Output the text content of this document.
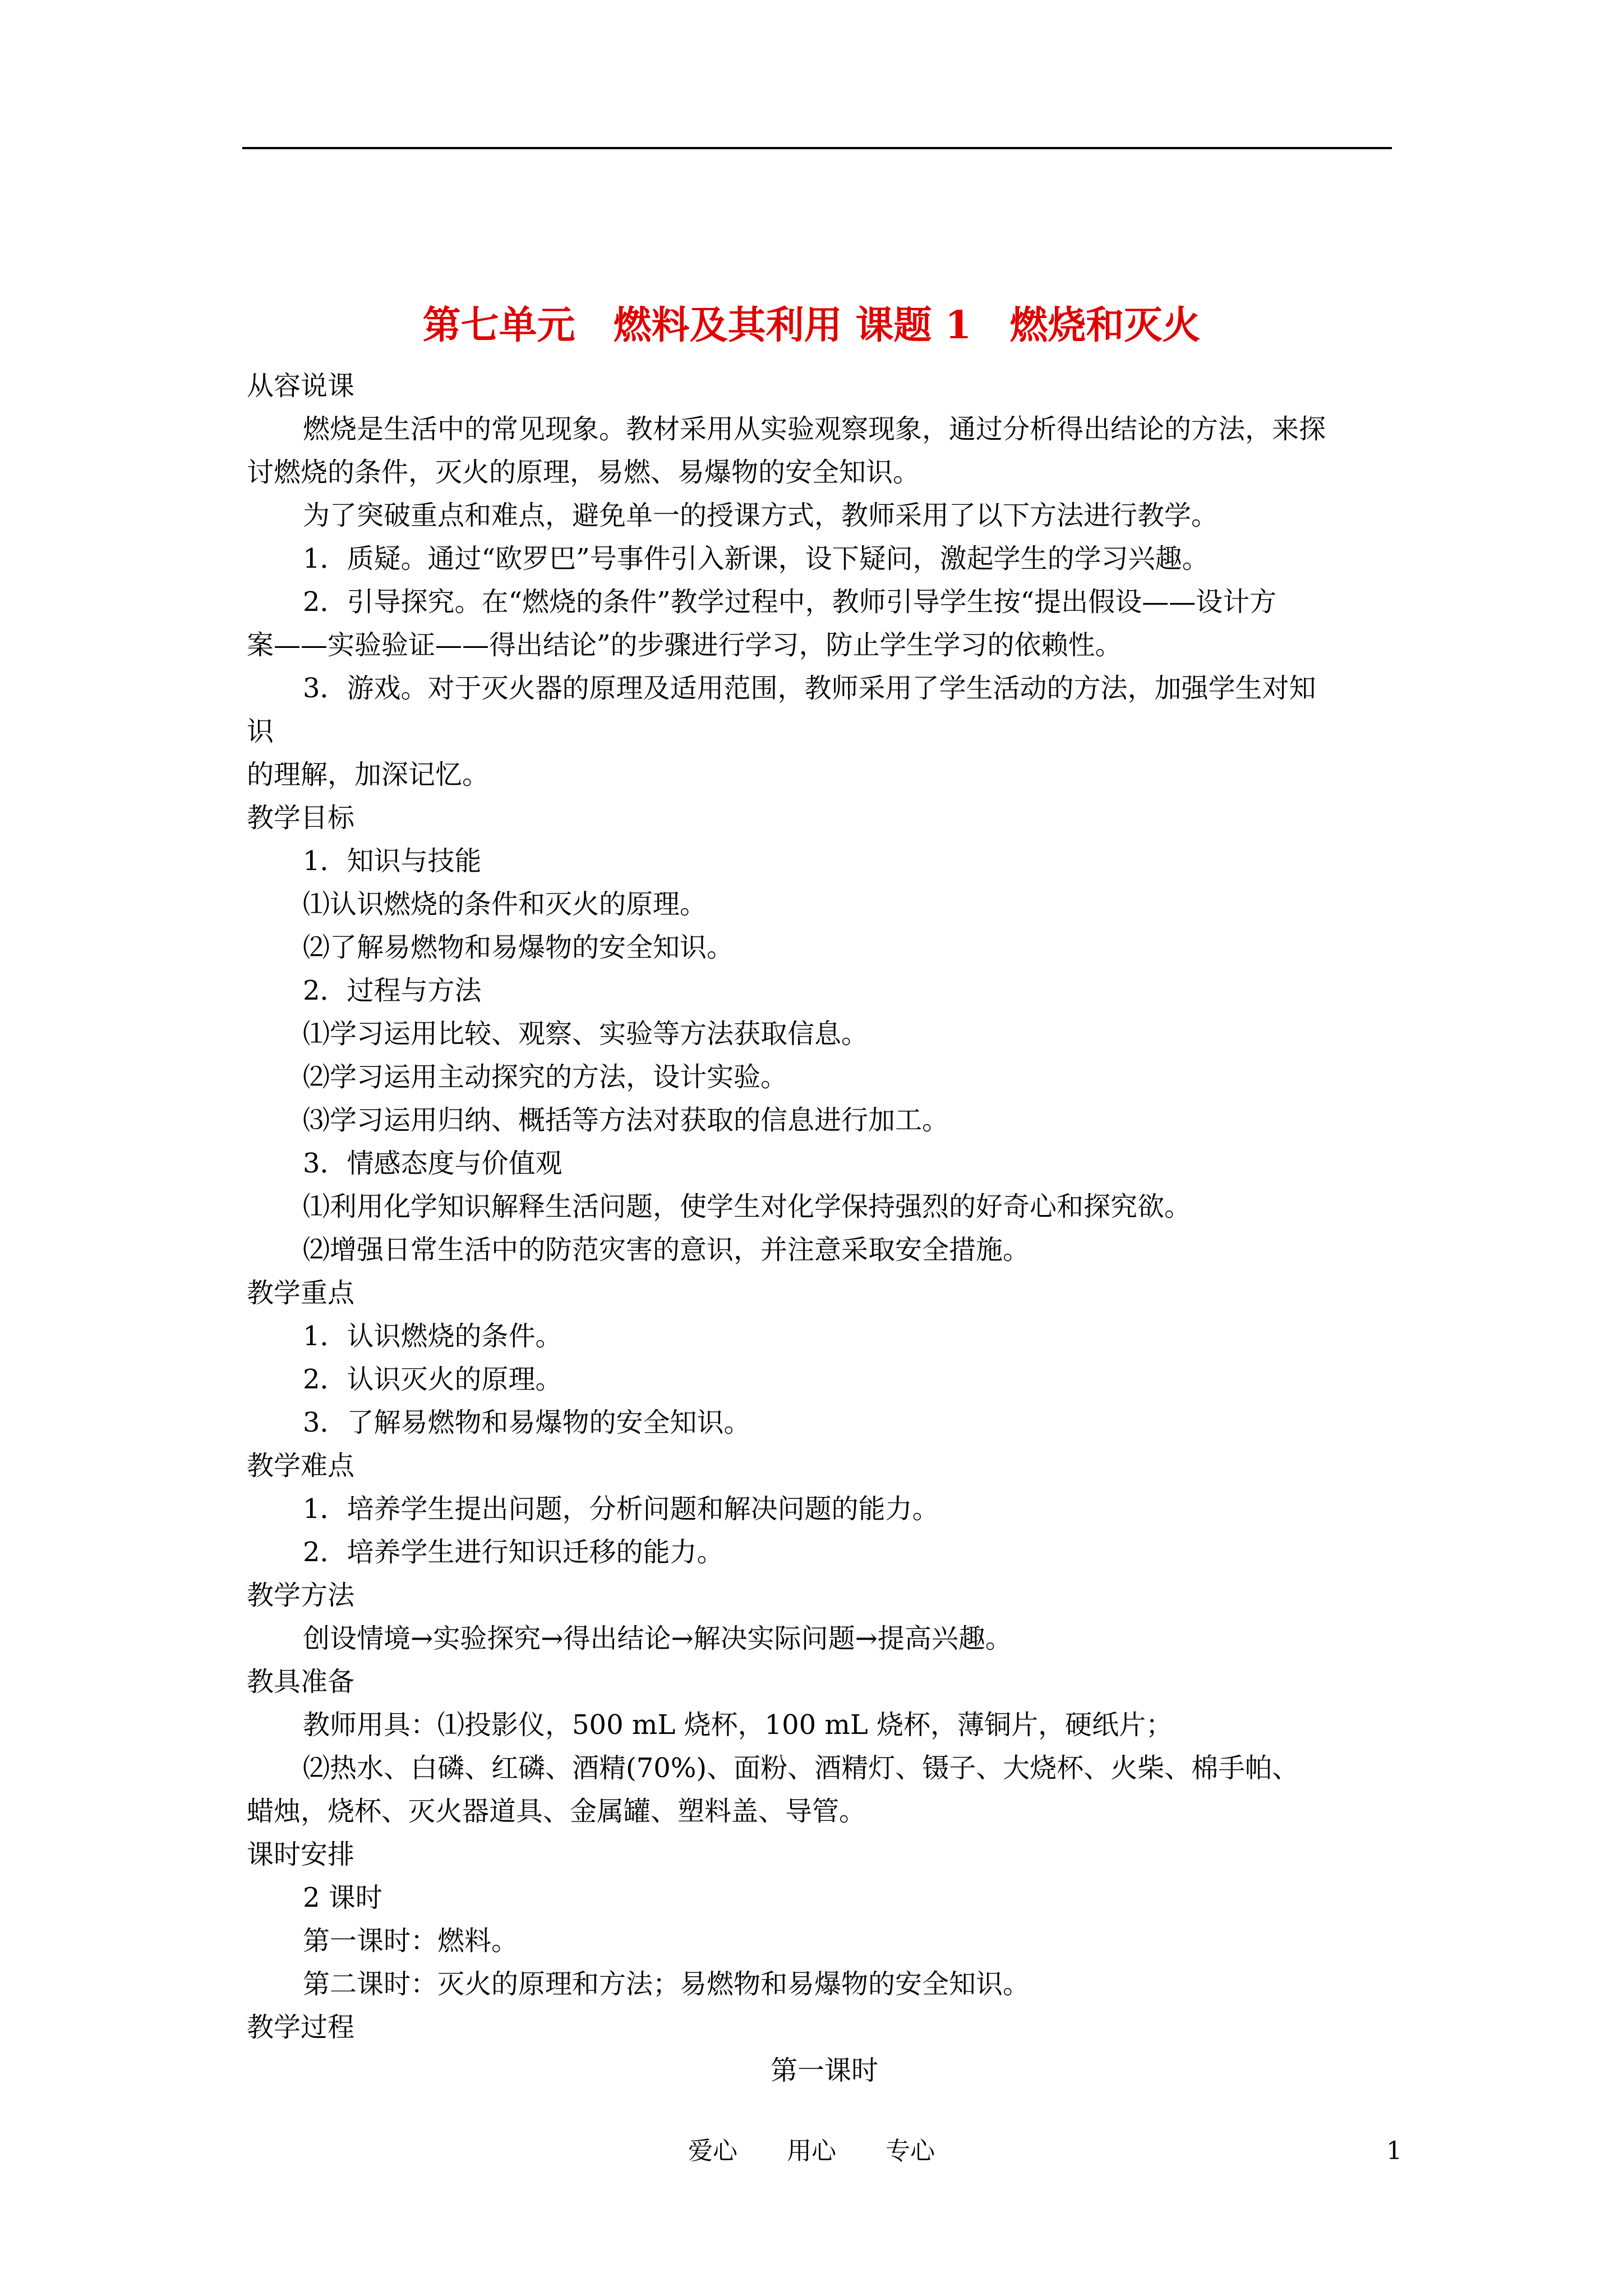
第七单元　燃料及其利用 课题 1　燃烧和灭火
从容说课
燃烧是生活中的常见现象。教材采用从实验观察现象，通过分析得出结论的方法，来探
讨燃烧的条件，灭火的原理，易燃、易爆物的安全知识。
为了突破重点和难点，避免单一的授课方式，教师采用了以下方法进行教学。
1．质疑。通过“欧罗巴”号事件引入新课，设下疑问，激起学生的学习兴趣。
2．引导探究。在“燃烧的条件”教学过程中，教师引导学生按“提出假设——设计方
案——实验验证——得出结论”的步骤进行学习，防止学生学习的依赖性。
3．游戏。对于灭火器的原理及适用范围，教师采用了学生活动的方法，加强学生对知
识
的理解，加深记忆。
教学目标
1．知识与技能
⑴认识燃烧的条件和灭火的原理。
⑵了解易燃物和易爆物的安全知识。
2．过程与方法
⑴学习运用比较、观察、实验等方法获取信息。
⑵学习运用主动探究的方法，设计实验。
⑶学习运用归纳、概括等方法对获取的信息进行加工。
3．情感态度与价值观
⑴利用化学知识解释生活问题，使学生对化学保持强烈的好奇心和探究欲。
⑵增强日常生活中的防范灾害的意识，并注意采取安全措施。
教学重点
1．认识燃烧的条件。
2．认识灭火的原理。
3．了解易燃物和易爆物的安全知识。
教学难点
1．培养学生提出问题，分析问题和解决问题的能力。
2．培养学生进行知识迁移的能力。
教学方法
创设情境→实验探究→得出结论→解决实际问题→提高兴趣。
教具准备
教师用具：⑴投影仪，500 mL 烧杯，100 mL 烧杯，薄铜片，硬纸片；
⑵热水、白磷、红磷、酒精(70%)、面粉、酒精灯、镊子、大烧杯、火柴、棉手帕、
蜡烛，烧杯、灭火器道具、金属罐、塑料盖、导管。
课时安排
2 课时
第一课时：燃料。
第二课时：灭火的原理和方法；易燃物和易爆物的安全知识。
教学过程
第一课时
爱心　　用心　　专心	1
